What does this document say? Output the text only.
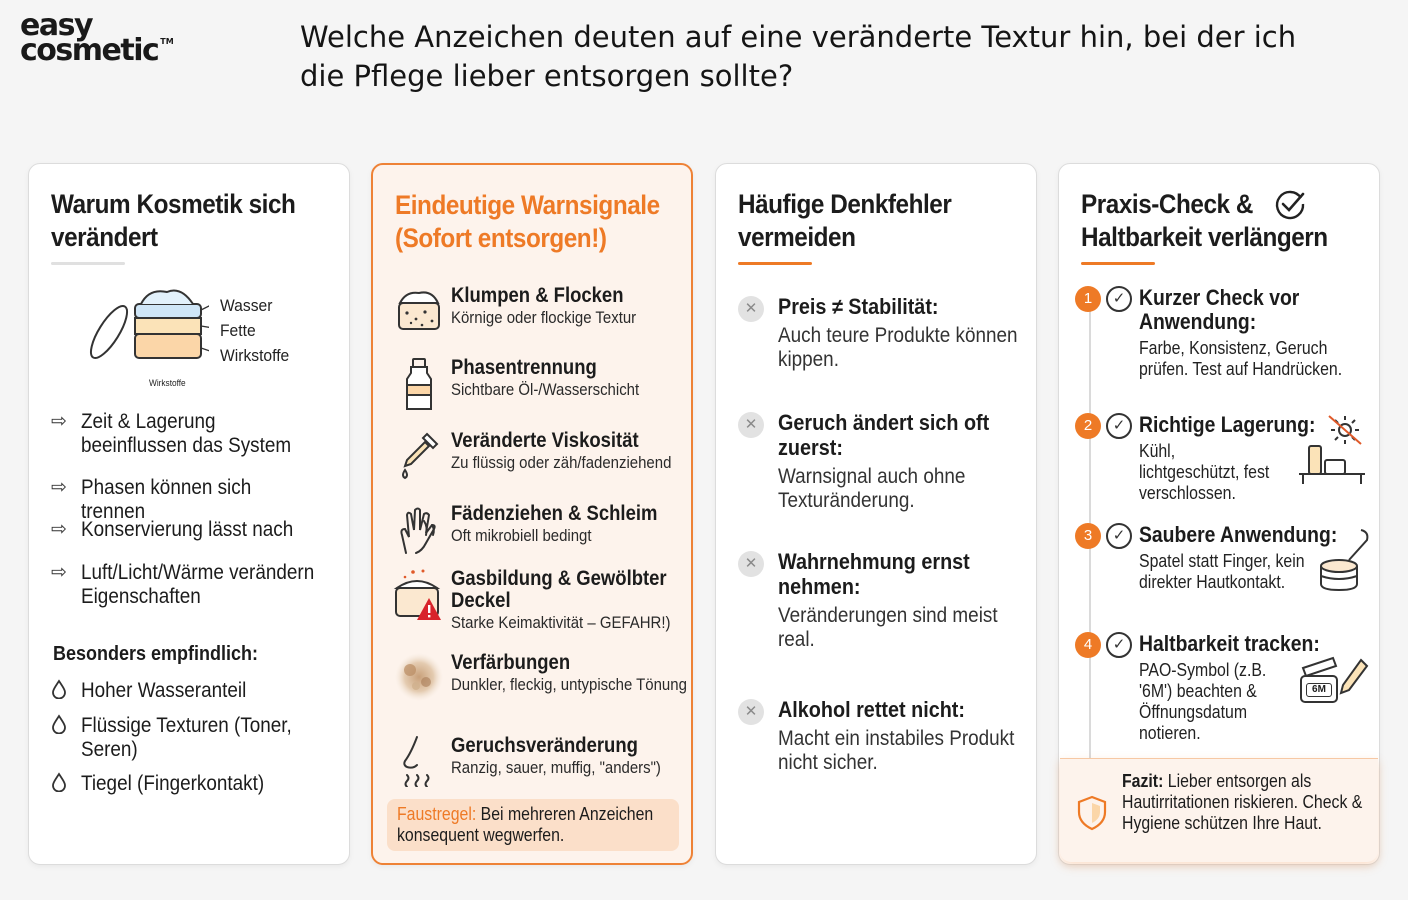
easy
cosmetic ™	Welche Anzeichen deuten auf eine veränderte Textur hin, bei der ich die Pflege lieber entsorgen sollte?
Warum Kosmetik sich verändert
Wirkstoffe
Wasser
Fette
Wirkstoffe
⇨ Zeit & Lagerung beeinflussen das System
⇨ Phasen können sich trennen
⇨ Konservierung lässt nach
⇨ Luft/Licht/Wärme verändern Eigenschaften
Besonders empfindlich:
Hoher Wasseranteil
Flüssige Texturen (Toner, Seren)
Tiegel (Fingerkontakt)
Eindeutige Warnsignale (Sofort entsorgen!)
Klumpen & Flocken
Körnige oder flockige Textur
Phasentrennung
Sichtbare Öl-/Wasserschicht
Veränderte Viskosität
Zu flüssig oder zäh/fadenziehend
Fädenziehen & Schleim
Oft mikrobiell bedingt
Gasbildung & Gewölbter Deckel
Starke Keimaktivität – GEFAHR!)
Verfärbungen
Dunkler, fleckig, untypische Tönung
Geruchsveränderung
Ranzig, sauer, muffig, "anders")
Faustregel: Bei mehreren Anzeichen konsequent wegwerfen.
Häufige Denkfehler vermeiden
✕ Preis ≠ Stabilität:
Auch teure Produkte können kippen.
✕ Geruch ändert sich oft zuerst:
Warnsignal auch ohne Texturänderung.
✕ Wahrnehmung ernst nehmen:
Veränderungen sind meist real.
✕ Alkohol rettet nicht:
Macht ein instabiles Produkt nicht sicher.
Praxis-Check & Haltbarkeit verlängern
1	✓ Kurzer Check vor Anwendung:
Farbe, Konsistenz, Geruch prüfen. Test auf Handrücken.
2	✓ Richtige Lagerung:
Kühl, lichtgeschützt, fest verschlossen.
3	✓ Saubere Anwendung:
Spatel statt Finger, kein direkter Hautkontakt.
4	✓ Haltbarkeit tracken:
PAO-Symbol (z.B. '6M') beachten & Öffnungsdatum notieren.
6M
Fazit: Lieber entsorgen als Hautirritationen riskieren. Check & Hygiene schützen Ihre Haut.
